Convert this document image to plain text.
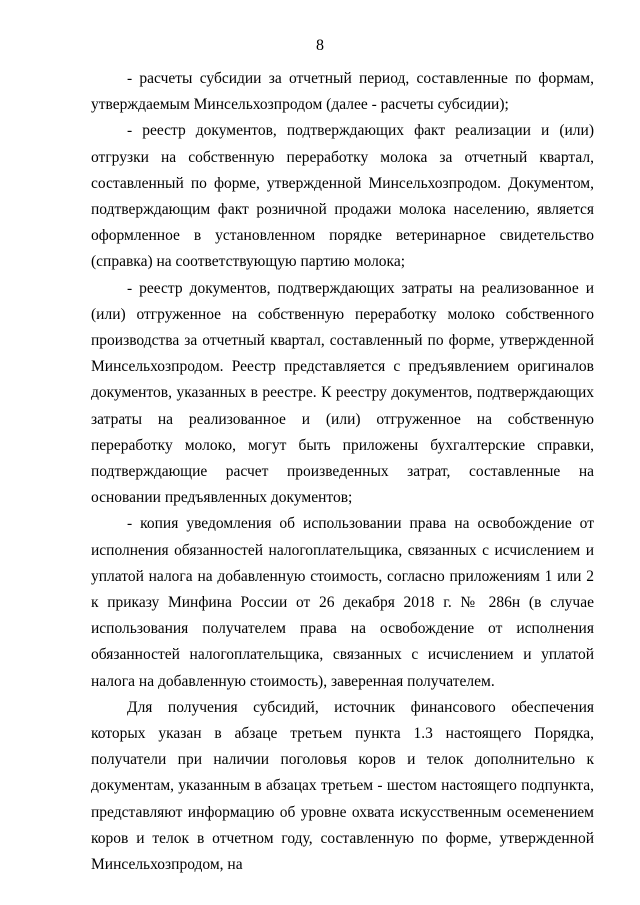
8

- расчеты субсидии за отчетный период, составленные по формам, утверждаемым Минсельхозпродом (далее - расчеты субсидии);

- реестр документов, подтверждающих факт реализации и (или) отгрузки на собственную переработку молока за отчетный квартал, составленный по форме, утвержденной Минсельхозпродом. Документом, подтверждающим факт розничной продажи молока населению, является оформленное в установленном порядке ветеринарное свидетельство (справка) на соответствующую партию молока;

- реестр документов, подтверждающих затраты на реализованное и (или) отгруженное на собственную переработку молоко собственного производства за отчетный квартал, составленный по форме, утвержденной Минсельхозпродом. Реестр представляется с предъявлением оригиналов документов, указанных в реестре. К реестру документов, подтверждающих затраты на реализованное и (или) отгруженное на собственную переработку молоко, могут быть приложены бухгалтерские справки, подтверждающие расчет произведенных затрат, составленные на основании предъявленных документов;

- копия уведомления об использовании права на освобождение от исполнения обязанностей налогоплательщика, связанных с исчислением и уплатой налога на добавленную стоимость, согласно приложениям 1 или 2 к приказу Минфина России от 26 декабря 2018 г. № 286н (в случае использования получателем права на освобождение от исполнения обязанностей налогоплательщика, связанных с исчислением и уплатой налога на добавленную стоимость), заверенная получателем.

Для получения субсидий, источник финансового обеспечения которых указан в абзаце третьем пункта 1.3 настоящего Порядка, получатели при наличии поголовья коров и телок дополнительно к документам, указанным в абзацах третьем - шестом настоящего подпункта, представляют информацию об уровне охвата искусственным осеменением коров и телок в отчетном году, составленную по форме, утвержденной Минсельхозпродом, на
